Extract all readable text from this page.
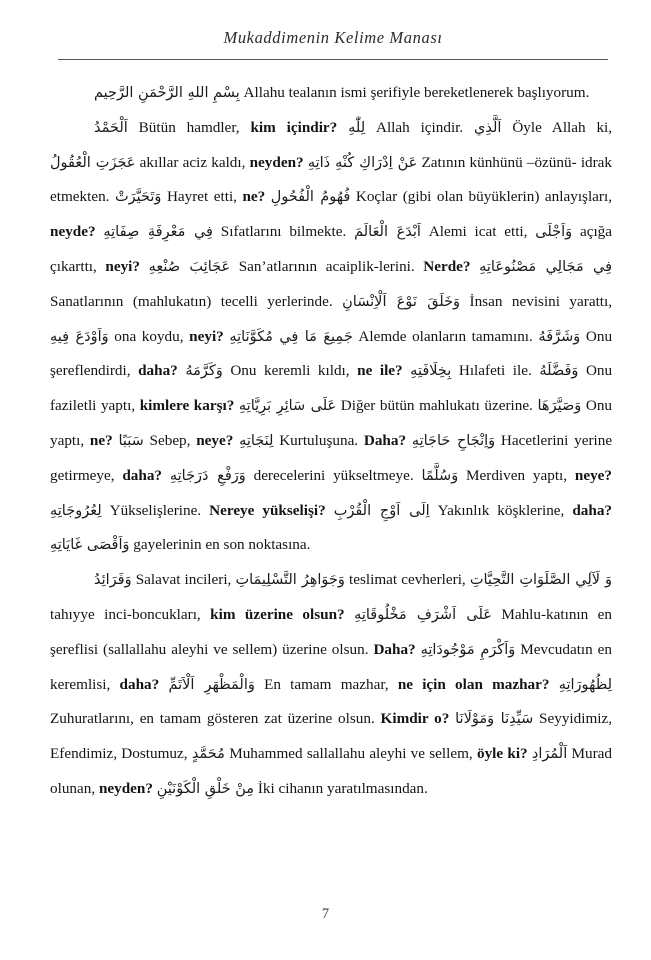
Mukaddimenin Kelime Manası

بِسْمِ اللهِ الرَّحْمَنِ الرَّحِيم Allahu tealanın ismi şerifiyle bereketlenerek başlıyorum.

اَلْحَمْدُ Bütün hamdler, kim içindir? لِلّٰهِ Allah içindir. اَلَّذِي Öyle Allah ki, عَجَزَتِ الْعُقُولُ akıllar aciz kaldı, neyden? عَنْ اِدْرَاكِ كُنْهِ ذَاتِهِ Zatının künhünü –özünü- idrak etmekten. وَتَحَيَّرَتْ Hayret etti, ne? فُهُومُ الْفُحُولِ Koçlar (gibi olan büyüklerin) anlayışları, neyde? فِي مَعْرِفَةِ صِفَاتِهِ Sıfatlarını bilmekte. اَبْدَعَ الْعَالَمَ Alemi icat etti, وَاَجْلَى açığa çıkarttı, neyi? عَجَائِبَ صُنْعِهِ San’atlarının acaiplik-lerini. Nerde? فِي مَجَالِي مَصْنُوعَاتِهِ Sanatlarının (mahlukatın) tecelli yerlerinde. وَخَلَقَ نَوْعَ اَلْاِنْسَانِ İnsan nevisini yarattı, وَاَوْدَعَ فِيهِ ona koydu, neyi? جَمِيعَ مَا فِي مُكَوَّنَاتِهِ Alemde olanların tamamını. وَشَرَّفَهُ Onu şereflendirdi, daha? وَكَرَّمَهُ Onu keremli kıldı, ne ile? بِخِلَافَتِهِ Hılafeti ile. وَفَضَّلَهُ Onu faziletli yaptı, kimlere karşı? عَلَى سَائِرِ بَرِيَّاتِهِ Diğer bütün mahlukatı üzerine. وَصَيَّرَهَا Onu yaptı, ne? سَبَبًا Sebep, neye? لِنَجَاتِهِ Kurtuluşuna. Daha? وَاِنْجَاحِ حَاجَاتِهِ Hacetlerini yerine getirmeye, daha? وَرَفْعِ دَرَجَاتِهِ derecelerini yükseltmeye. وَسُلَّمًا Merdiven yaptı, neye? لِعُرُوجَاتِهِ Yükselişlerine. Nereye yükselişi? اِلَى اَوْجِ الْقُرْبِ Yakınlık köşklerine, daha? وَاَقْصَى غَايَاتِهِ gayelerinin en son noktasına.

وَفَرَائِدُ Salavat incileri, وَجَوَاهِرُ التَّسْلِيمَاتِ teslimat cevherleri, وَ لَآلِي الصَّلَوَاتِ التَّحِيَّاتِ tahıyye inci-boncukları, kim üzerine olsun? عَلَى اَشْرَفِ مَخْلُوقَاتِهِ Mahlu-katının en şereflisi (sallallahu aleyhi ve sellem) üzerine olsun. Daha? وَاَكْرَمِ مَوْجُودَاتِهِ Mevcudatın en keremlisi, daha? وَالْمَظْهَرِ اَلْاَتَمِّ En tamam mazhar, ne için olan mazhar? لِظُهُورَاتِهِ Zuhuratlarını, en tamam gösteren zat üzerine olsun. Kimdir o? سَيِّدِنَا وَمَوْلَانَا Seyyidimiz, Efendimiz, Dostumuz, مُحَمَّدٍ Muhammed sallallahu aleyhi ve sellem, öyle ki? اَلْمُرَادِ Murad olunan, neyden? مِنْ خَلْقِ الْكَوْنَيْنِ İki cihanın yaratılmasından.

7
